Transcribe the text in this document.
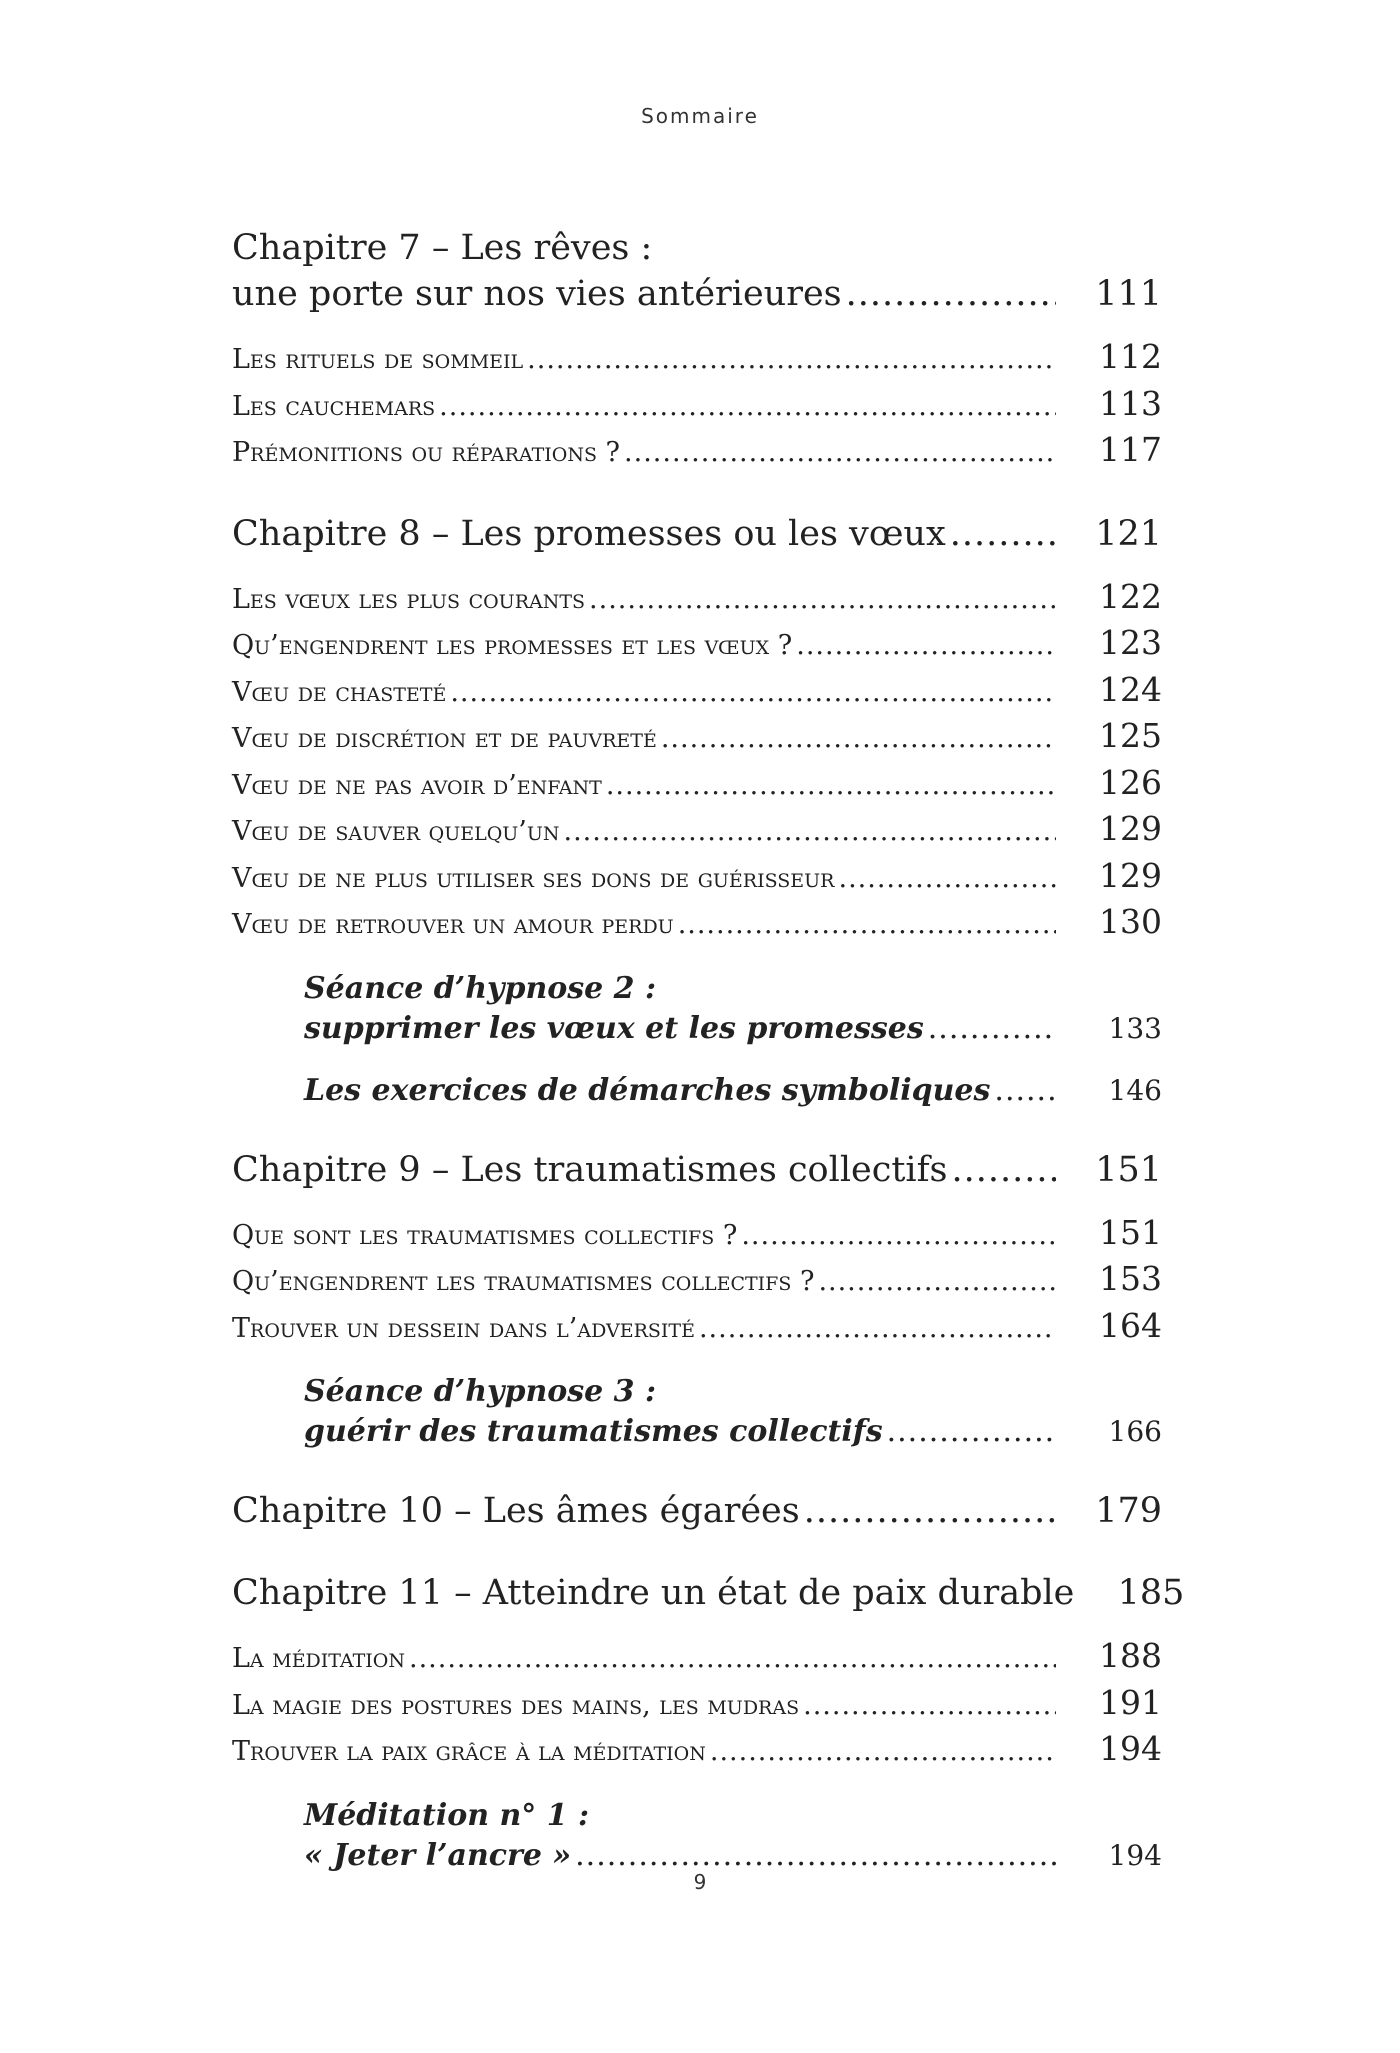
Sommaire
Chapitre 7 – Les rêves :
une porte sur nos vies antérieures .....	111
Les rituels de sommeil .....	112
Les cauchemars .....	113
Prémonitions ou réparations ? .....	117
Chapitre 8 – Les promesses ou les vœux .....	121
Les vœux les plus courants .....	122
Qu’engendrent les promesses et les vœux ? .....	123
Vœu de chasteté .....	124
Vœu de discrétion et de pauvreté .....	125
Vœu de ne pas avoir d’enfant .....	126
Vœu de sauver quelqu’un .....	129
Vœu de ne plus utiliser ses dons de guérisseur .....	129
Vœu de retrouver un amour perdu .....	130
Séance d’hypnose 2 :
supprimer les vœux et les promesses .....	133
Les exercices de démarches symboliques .....	146
Chapitre 9 – Les traumatismes collectifs .....	151
Que sont les traumatismes collectifs ? .....	151
Qu’engendrent les traumatismes collectifs ? .....	153
Trouver un dessein dans l’adversité .....	164
Séance d’hypnose 3 :
guérir des traumatismes collectifs .....	166
Chapitre 10 – Les âmes égarées .....	179
Chapitre 11 – Atteindre un état de paix durable	185
La méditation .....	188
La magie des postures des mains, les mudras .....	191
Trouver la paix grâce à la méditation .....	194
Méditation n° 1 :
« Jeter l’ancre » .....	194
9
